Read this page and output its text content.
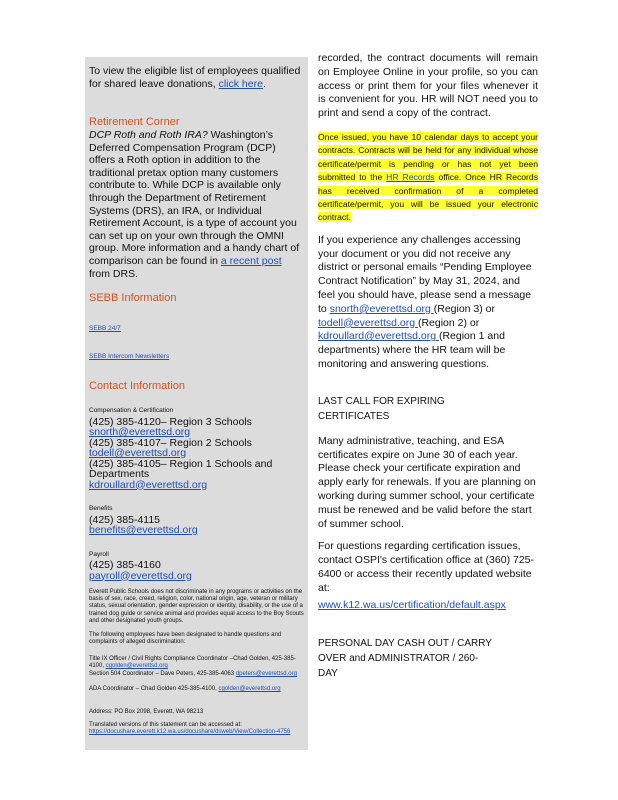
To view the eligible list of employees qualified for shared leave donations, click here.
Retirement Corner
DCP Roth and Roth IRA? Washington’s Deferred Compensation Program (DCP) offers a Roth option in addition to the traditional pretax option many customers contribute to. While DCP is available only through the Department of Retirement Systems (DRS), an IRA, or Individual Retirement Account, is a type of account you can set up on your own through the OMNI group. More information and a handy chart of comparison can be found in a recent post from DRS.
SEBB Information
SEBB 24/7
SEBB Intercom Newsletters
Contact Information
Compensation & Certification
(425) 385-4120– Region 3 Schools
snorth@everettsd.org
(425) 385-4107– Region 2 Schools
todell@everettsd.org
(425) 385-4105– Region 1 Schools and Departments
kdroullard@everettsd.org
Benefits
(425) 385-4115
benefits@everettsd.org
Payroll
(425) 385-4160
payroll@everettsd.org
Everett Public Schools does not discriminate in any programs or activities on the basis of sex, race, creed, religion, color, national origin, age, veteran or military status, sexual orientation, gender expression or identity, disability, or the use of a trained dog guide or service animal and provides equal access to the Boy Scouts and other designated youth groups.
The following employees have been designated to handle questions and complaints of alleged discrimination:
Title IX Officer / Civil Rights Compliance Coordinator –Chad Golden, 425-385-4100, cgolden@everettsd.org
Section 504 Coordinator – Dave Peters, 425-385-4063 dpeters@everettsd.org
ADA Coordinator – Chad Golden 425-385-4100, cgolden@everettsd.org
Address: PO Box 2098, Everett, WA 98213
Translated versions of this statement can be accessed at:
https://docushare.everett.k12.wa.us/docushare/dsweb/View/Collection-4756
recorded, the contract documents will remain on Employee Online in your profile, so you can access or print them for your files whenever it is convenient for you. HR will NOT need you to print and send a copy of the contract.
Once issued, you have 10 calendar days to accept your contracts. Contracts will be held for any individual whose certificate/permit is pending or has not yet been submitted to the HR Records office. Once HR Records has received confirmation of a completed certificate/permit, you will be issued your electronic contract.
If you experience any challenges accessing your document or you did not receive any district or personal emails “Pending Employee Contract Notification” by May 31, 2024, and feel you should have, please send a message to snorth@everettsd.org (Region 3) or todell@everettsd.org (Region 2) or kdroullard@everettsd.org (Region 1 and departments) where the HR team will be monitoring and answering questions.
LAST CALL FOR EXPIRING CERTIFICATES
Many administrative, teaching, and ESA certificates expire on June 30 of each year. Please check your certificate expiration and apply early for renewals. If you are planning on working during summer school, your certificate must be renewed and be valid before the start of summer school.
For questions regarding certification issues, contact OSPI's certification office at (360) 725-6400 or access their recently updated website at:
www.k12.wa.us/certification/default.aspx
PERSONAL DAY CASH OUT / CARRY OVER and ADMINISTRATOR / 260-DAY
